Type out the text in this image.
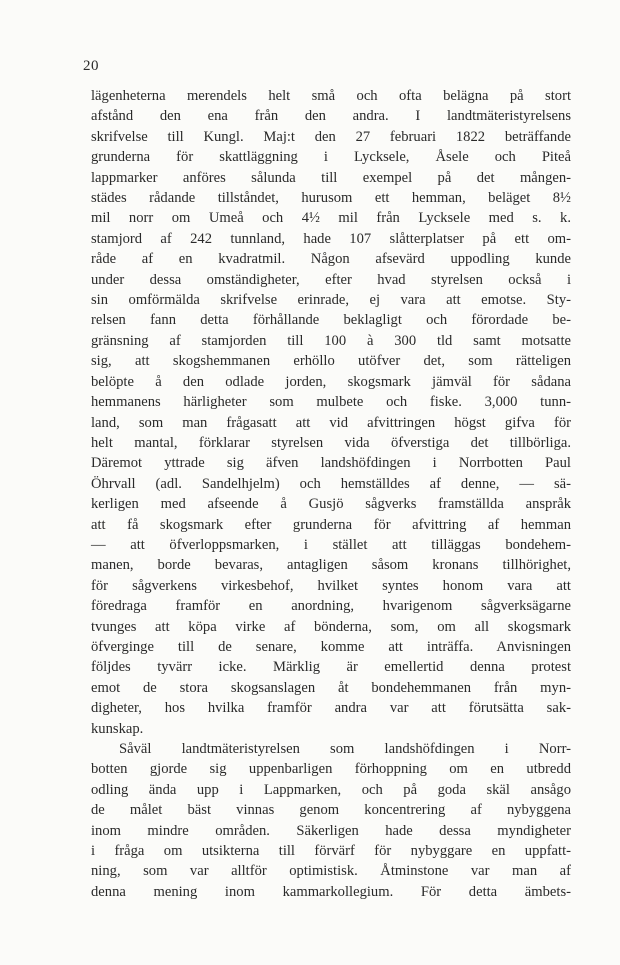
20
lägenheterna merendels helt små och ofta belägna på stort
afstånd den ena från den andra. I landtmäteristyrelsens
skrifvelse till Kungl. Maj:t den 27 februari 1822 beträffande
grunderna för skattläggning i Lycksele, Åsele och Piteå
lappmarker anföres sålunda till exempel på det mången-
städes rådande tillståndet, hurusom ett hemman, beläget 8½
mil norr om Umeå och 4½ mil från Lycksele med s. k.
stamjord af 242 tunnland, hade 107 slåtterplatser på ett om-
råde af en kvadratmil. Någon afsevärd uppodling kunde
under dessa omständigheter, efter hvad styrelsen också i
sin omförmälda skrifvelse erinrade, ej vara att emotse. Sty-
relsen fann detta förhållande beklagligt och förordade be-
gränsning af stamjorden till 100 à 300 tld samt motsatte
sig, att skogshemmanen erhöllo utöfver det, som rätteligen
belöpte å den odlade jorden, skogsmark jämväl för sådana
hemmanens härligheter som mulbete och fiske. 3,000 tunn-
land, som man frågasatt att vid afvittringen högst gifva för
helt mantal, förklarar styrelsen vida öfverstiga det tillbörliga.
Däremot yttrade sig äfven landshöfdingen i Norrbotten Paul
Öhrvall (adl. Sandelhjelm) och hemställdes af denne, — sä-
kerligen med afseende å Gusjö sågverks framställda anspråk
att få skogsmark efter grunderna för afvittring af hemman
— att öfverloppsmarken, i stället att tilläggas bondehem-
manen, borde bevaras, antagligen såsom kronans tillhörighet,
för sågverkens virkesbehof, hvilket syntes honom vara att
föredraga framför en anordning, hvarigenom sågverksägarne
tvunges att köpa virke af bönderna, som, om all skogsmark
öfverginge till de senare, komme att inträffa. Anvisningen
följdes tyvärr icke. Märklig är emellertid denna protest
emot de stora skogsanslagen åt bondehemmanen från myn-
digheter, hos hvilka framför andra var att förutsätta sak-
kunskap.
Såväl landtmäteristyrelsen som landshöfdingen i Norr-
botten gjorde sig uppenbarligen förhoppning om en utbredd
odling ända upp i Lappmarken, och på goda skäl ansågo
de målet bäst vinnas genom koncentrering af nybyggena
inom mindre områden. Säkerligen hade dessa myndigheter
i fråga om utsikterna till förvärf för nybyggare en uppfatt-
ning, som var alltför optimistisk. Åtminstone var man af
denna mening inom kammarkollegium. För detta ämbets-
